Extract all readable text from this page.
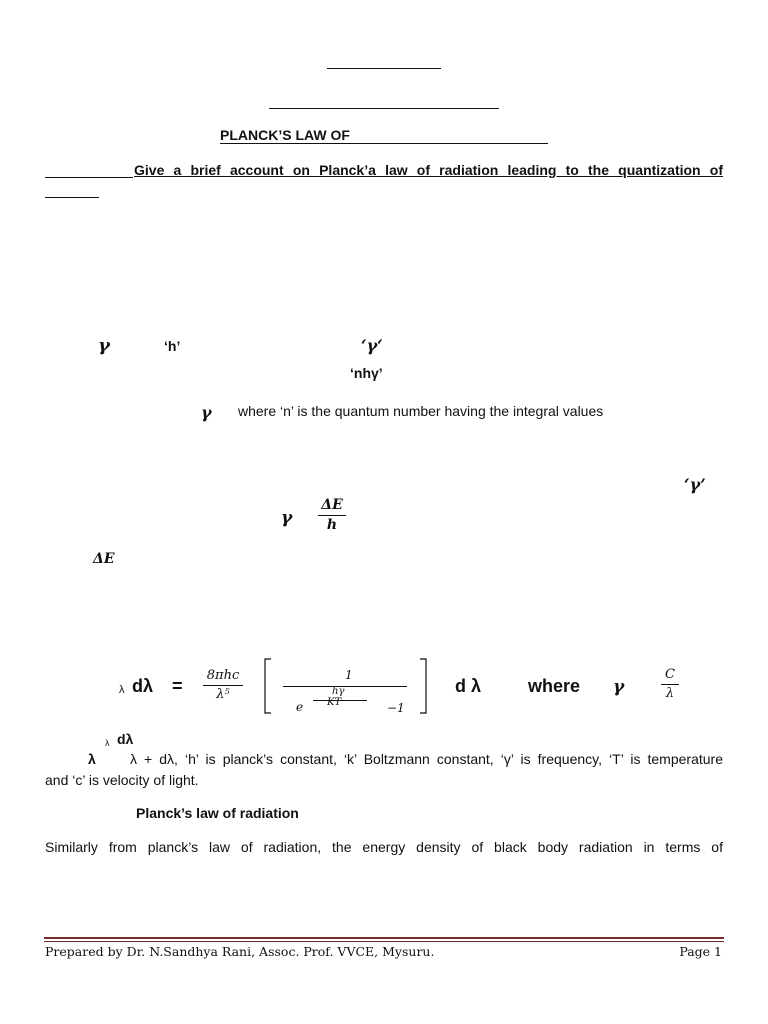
PLANCK’S LAW OF
Give a brief account on Planck’a law of radiation leading to the quantization of
γ	‘h’	‘γ‘
‘nhγ’
γ where ‘n’ is the quantum number having the integral values
‘γ’
γ
ΔE
h
ΔE
λ dλ =
8πhc
λ⁵
1
hγ
e KT	−1
d λ	where γ
C
λ
λ dλ
λ λ + dλ, ‘h’ is planck’s constant, ‘k’ Boltzmann constant, ‘γ’ is frequency, ‘T’ is temperature
and ‘c’ is velocity of light.
Planck’s law of radiation
Similarly from planck’s law of radiation, the energy density of black body radiation in terms of
Prepared by Dr. N.Sandhya Rani, Assoc. Prof. VVCE, Mysuru.	Page 1
